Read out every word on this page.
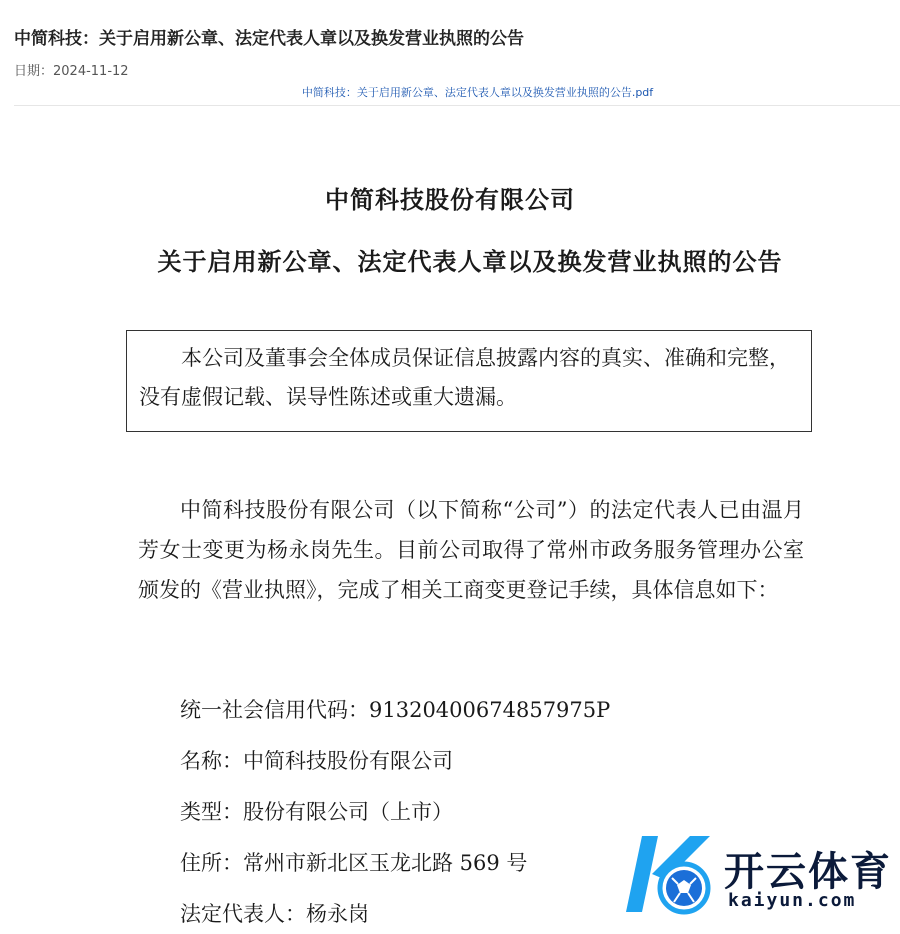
中简科技：关于启用新公章、法定代表人章以及换发营业执照的公告
日期：2024-11-12
中简科技：关于启用新公章、法定代表人章以及换发营业执照的公告.pdf
中简科技股份有限公司
关于启用新公章、法定代表人章以及换发营业执照的公告
本公司及董事会全体成员保证信息披露内容的真实、准确和完整，没有虚假记载、误导性陈述或重大遗漏。
中简科技股份有限公司（以下简称“公司”）的法定代表人已由温月芳女士变更为杨永岗先生。目前公司取得了常州市政务服务管理办公室颁发的《营业执照》，完成了相关工商变更登记手续，具体信息如下：
统一社会信用代码：91320400674857975P
名称：中简科技股份有限公司
类型：股份有限公司（上市）
住所：常州市新北区玉龙北路 569 号
法定代表人：杨永岗
开云体育
kaiyun.com
